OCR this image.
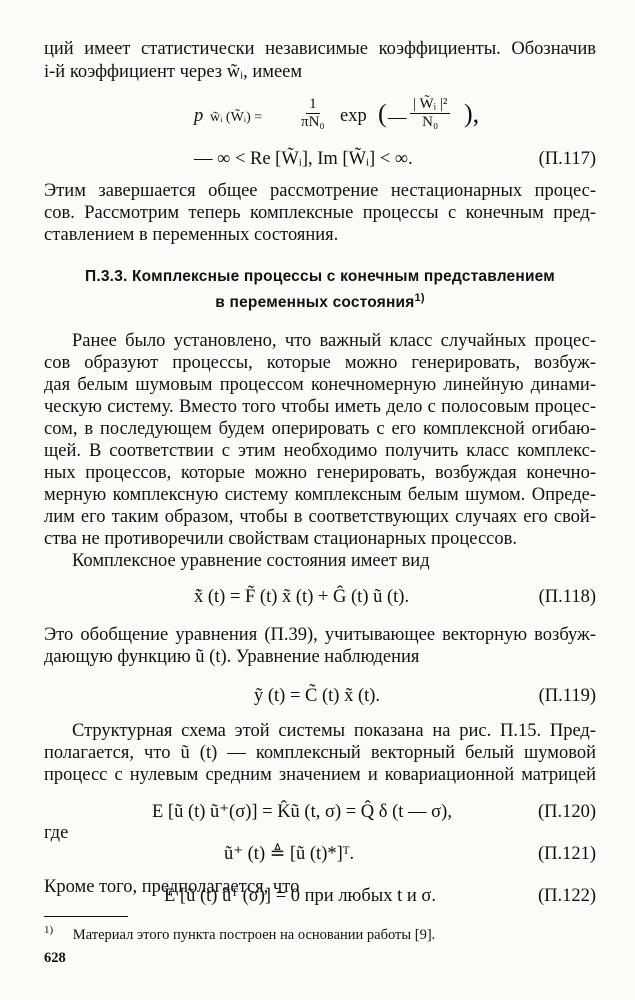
ций имеет статистически независимые коэффициенты. Обозначив
i-й коэффициент через w̃ᵢ, имеем
p w̃ᵢ (W̃ᵢ) = $\frac{1}{\text{πN₀}}$ exp ( — $\frac{\text{| W̃ᵢ |²}}{\text{N₀}}$ ),
— ∞ < Re [W̃ᵢ], Im [W̃ᵢ] < ∞.	(П.117)
Этим завершается общее рассмотрение нестационарных процес-
сов. Рассмотрим теперь комплексные процессы с конечным пред-
ставлением в переменных состояния.
П.3.3. Комплексные процессы с конечным представлением
в переменных состояния$^{1)}$
Ранее было установлено, что важный класс случайных процес-
сов образуют процессы, которые можно генерировать, возбуж-
дая белым шумовым процессом конечномерную линейную динами-
ческую систему. Вместо того чтобы иметь дело с полосовым процес-
сом, в последующем будем оперировать с его комплексной огибаю-
щей. В соответствии с этим необходимо получить класс комплекс-
ных процессов, которые можно генерировать, возбуждая конечно-
мерную комплексную систему комплексным белым шумом. Опреде-
лим его таким образом, чтобы в соответствующих случаях его свой-
ства не противоречили свойствам стационарных процессов.
Комплексное уравнение состояния имеет вид
x̃̇ (t) = F̃ (t) x̃ (t) + Ĝ (t) ũ (t).	(П.118)
Это обобщение уравнения (П.39), учитывающее векторную возбуж-
дающую функцию ũ (t). Уравнение наблюдения
ỹ (t) = C̃ (t) x̃ (t).	(П.119)
Структурная схема этой системы показана на рис. П.15. Пред-
полагается, что ũ (t) — комплексный векторный белый шумовой
процесс с нулевым средним значением и ковариационной матрицей
E [ũ (t) ũ⁺(σ)] = K̂ũ (t, σ) = Q̂ δ (t — σ),	(П.120)
где
ũ⁺ (t) ≜ [ũ (t)*]ᵀ.	(П.121)
Кроме того, предполагается, что
$^{1)}$ Материал этого пункта построен на основании работы [9].
628
E [ũ (t) ũᵀ (σ)] = 0 при любых t и σ.	(П.122)
